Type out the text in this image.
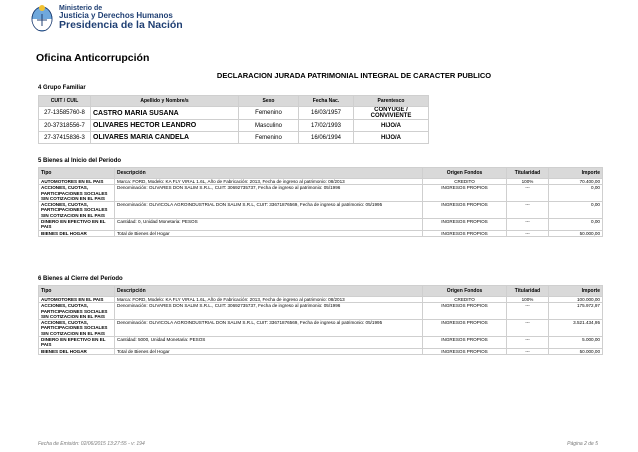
Ministerio de
Justicia y Derechos Humanos
Presidencia de la Nación
Oficina Anticorrupción
DECLARACION JURADA PATRIMONIAL INTEGRAL DE CARACTER PUBLICO
4 Grupo Familiar
CUIT / CUIL	Apellido y Nombre/s	Sexo	Fecha Nac.	Parentesco
27-13585760-8	CASTRO MARIA SUSANA	Femenino	16/03/1957	CONYUGE / CONVIVIENTE
20-37318556-7	OLIVARES HECTOR LEANDRO	Masculino	17/02/1993	HIJO/A
27-37415836-3	OLIVARES MARIA CANDELA	Femenino	16/06/1994	HIJO/A
5 Bienes al Inicio del Período
Tipo	Descripción	Origen Fondos	Titularidad	Importe
AUTOMOTORES EN EL PAIS	Marca: FORD, Modelo: KA FLY VIRAL 1.6L, Año de Fabricación: 2013, Fecha de ingreso al patrimonio: 08/2013	CREDITO	100%	70.400,00
ACCIONES, CUOTAS, PARTICIPACIONES SOCIALES SIN COTIZACION EN EL PAIS	Denominación: OLIVARES DON SALIM S.R.L., CUIT: 30692735737, Fecha de ingreso al patrimonio: 05/1996	INGRESOS PROPIOS	---	0,00
ACCIONES, CUOTAS, PARTICIPACIONES SOCIALES SIN COTIZACION EN EL PAIS	Denominación: OLIVICOLA AGROINDUSTRIAL DON SALIM S.R.L, CUIT: 33671876569, Fecha de ingreso al patrimonio: 05/1995	INGRESOS PROPIOS	---	0,00
DINERO EN EFECTIVO EN EL PAIS	Cantidad: 0, Unidad Monetaria: PESOS	INGRESOS PROPIOS	---	0,00
BIENES DEL HOGAR	Total de Bienes del Hogar	INGRESOS PROPIOS	---	50.000,00
6 Bienes al Cierre del Período
Tipo	Descripción	Origen Fondos	Titularidad	Importe
AUTOMOTORES EN EL PAIS	Marca: FORD, Modelo: KA FLY VIRAL 1.6L, Año de Fabricación: 2013, Fecha de ingreso al patrimonio: 08/2013	CREDITO	100%	100.000,00
ACCIONES, CUOTAS, PARTICIPACIONES SOCIALES SIN COTIZACION EN EL PAIS	Denominación: OLIVARES DON SALIM S.R.L., CUIT: 30692735737, Fecha de ingreso al patrimonio: 05/1996	INGRESOS PROPIOS	---	175.972,97
ACCIONES, CUOTAS, PARTICIPACIONES SOCIALES SIN COTIZACION EN EL PAIS	Denominación: OLIVICOLA AGROINDUSTRIAL DON SALIM S.R.L, CUIT: 33671876569, Fecha de ingreso al patrimonio: 05/1995	INGRESOS PROPIOS	---	3.521.434,95
DINERO EN EFECTIVO EN EL PAIS	Cantidad: 5000, Unidad Monetaria: PESOS	INGRESOS PROPIOS	---	5.000,00
BIENES DEL HOGAR	Total de Bienes del Hogar	INGRESOS PROPIOS	---	50.000,00
Fecha de Emisión: 02/06/2015 13:27:55 - v: 194	Página 2 de 5
